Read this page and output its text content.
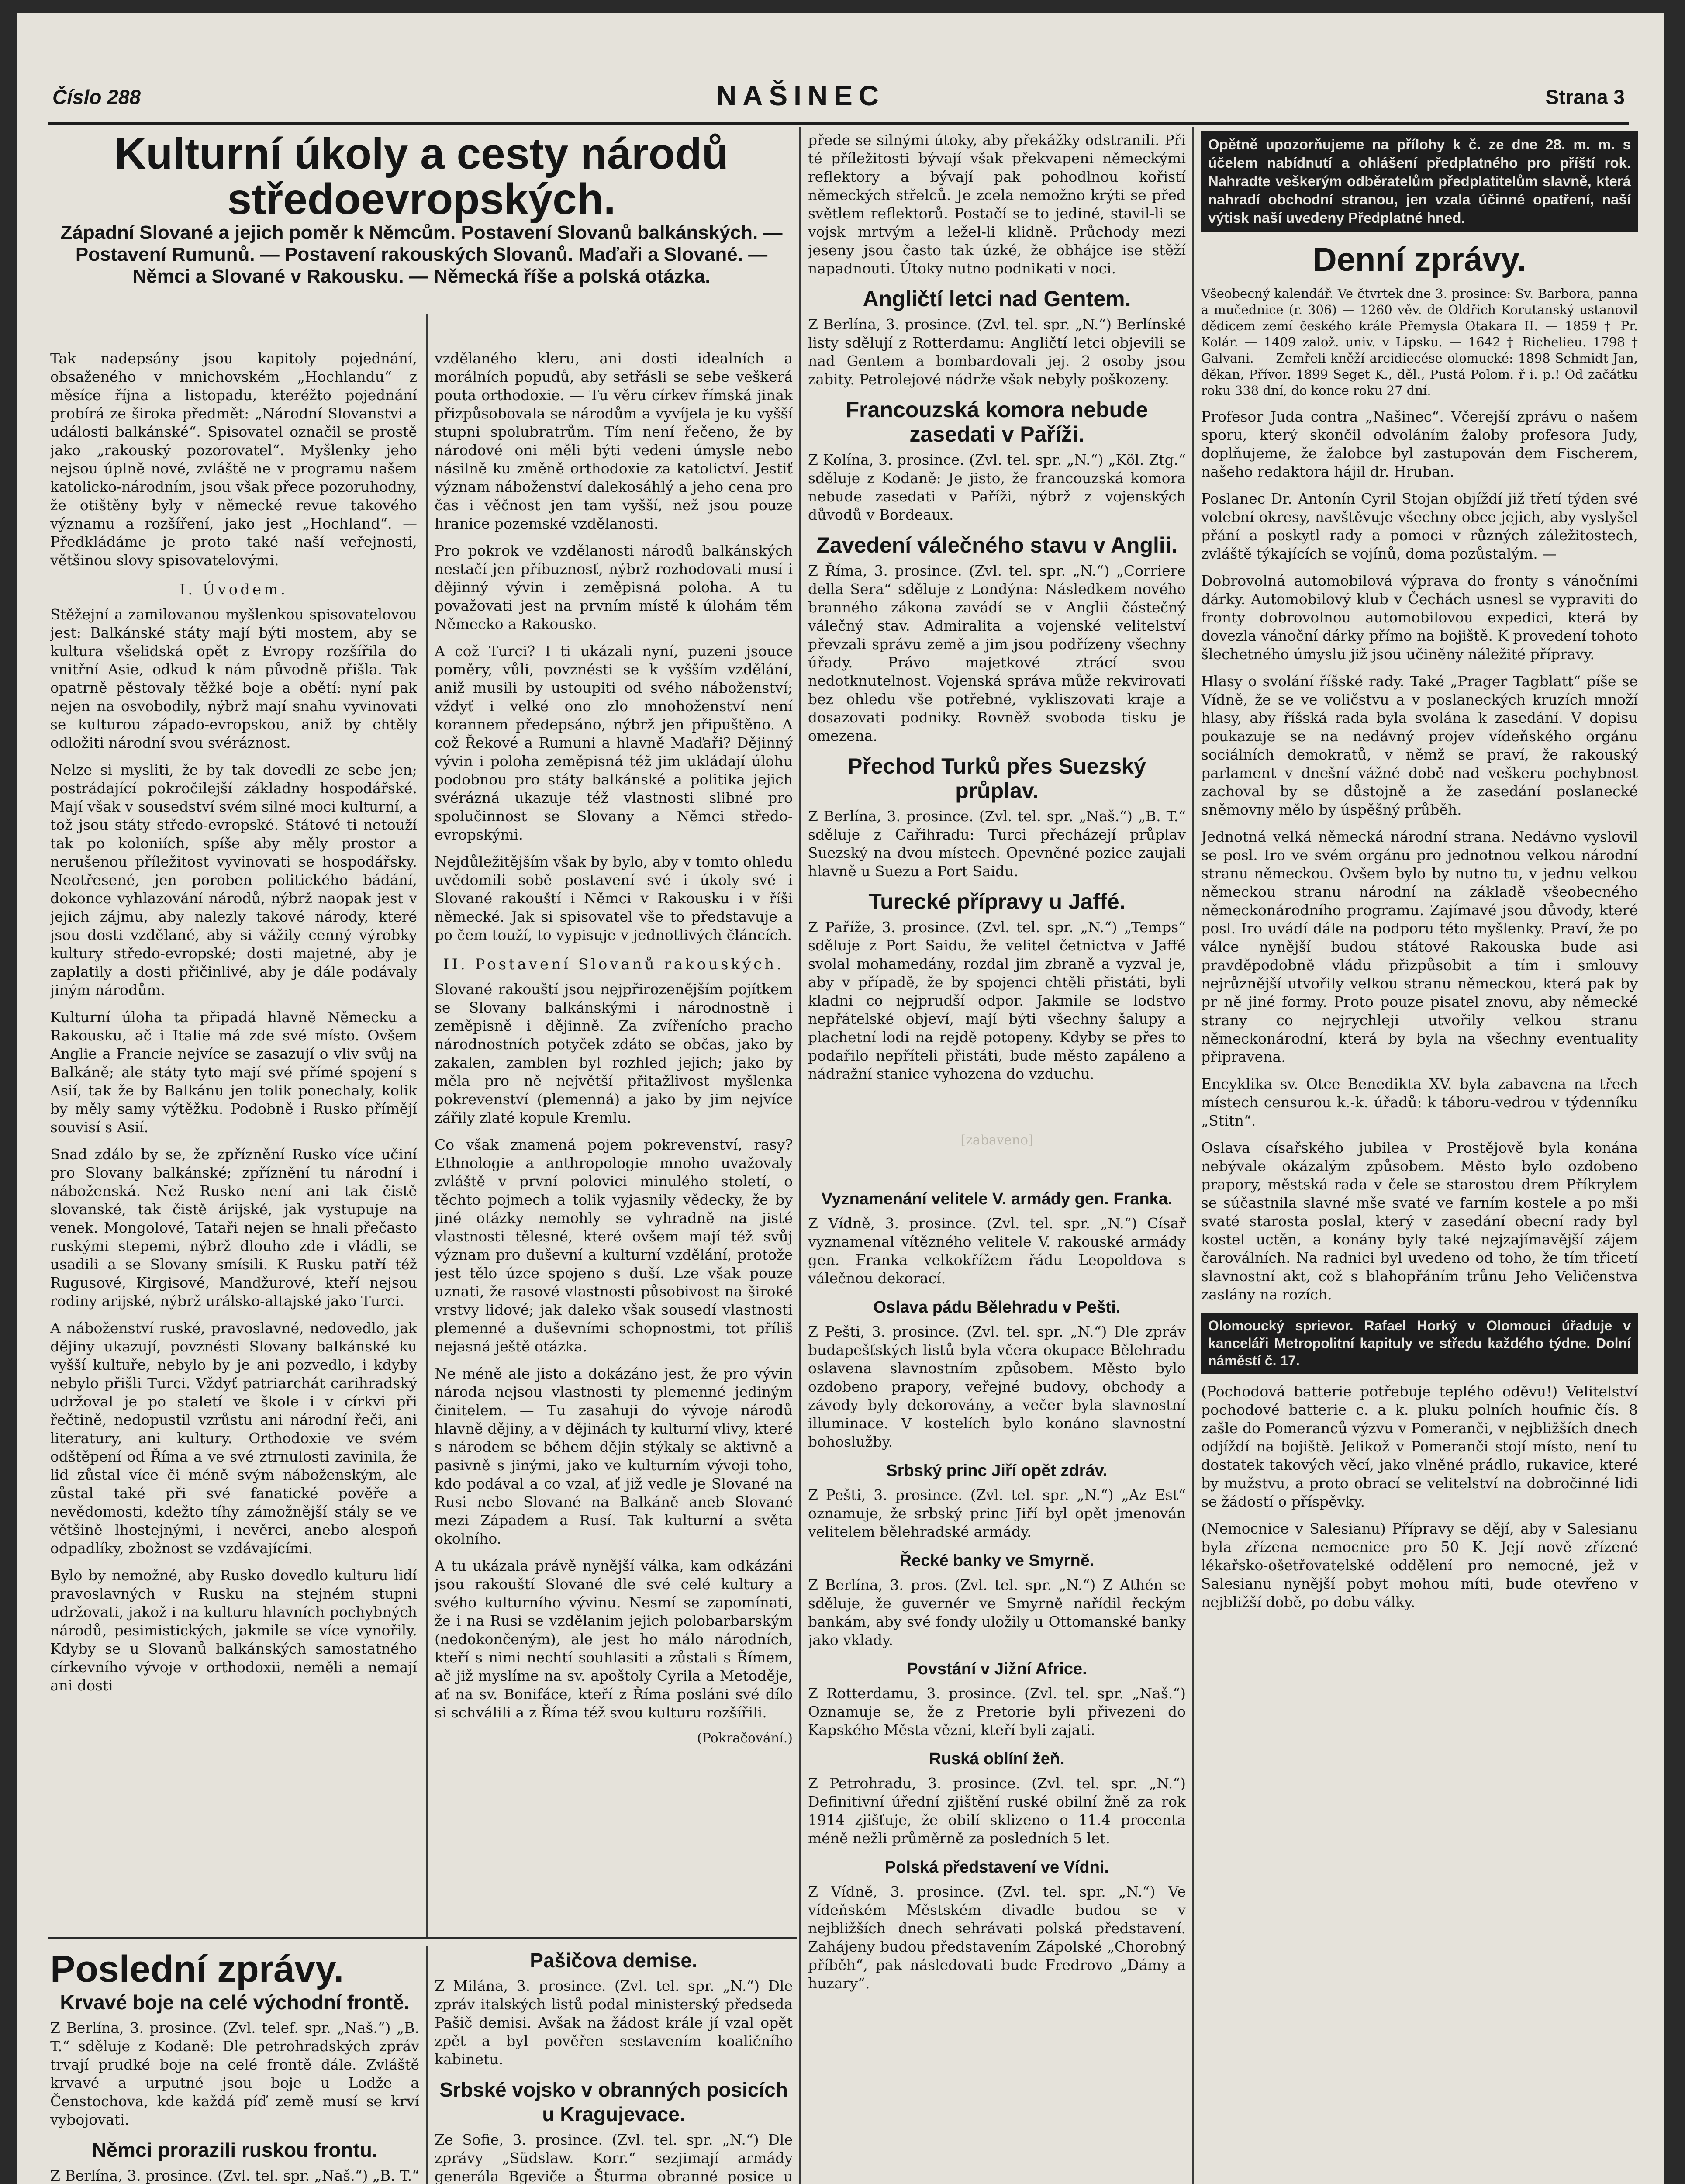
Číslo 288	NAŠINEC	Strana 3
Kulturní úkoly a cesty národů středoevropských.

Západní Slované a jejich poměr k Němcům. Postavení Slovanů balkánských. — Postavení Rumunů. — Postavení rakouských Slovanů. Maďaři a Slované. — Němci a Slované v Rakousku. — Německá říše a polská otázka.

Tak nadepsány jsou kapitoly pojednání, obsaženého v mnichovském „Hochlandu“ z měsíce října a listopadu, kteréžto pojednání probírá ze široka předmět: „Národní Slovanstvi a události balkánské“. Spisovatel označil se prostě jako „rakouský pozorovatel“. Myšlenky jeho nejsou úplně nové, zvláště ne v programu našem katolicko-národním, jsou však přece pozoruhodny, že otištěny byly v německé revue takového významu a rozšíření, jako jest „Hochland“. — Předkládáme je proto také naší veřejnosti, většinou slovy spisovatelovými.

I. Úvodem.

Stěžejní a zamilovanou myšlenkou spisovatelovou jest: Balkánské státy mají býti mostem, aby se kultura všelidská opět z Evropy rozšířila do vnitřní Asie, odkud k nám původně přišla. Tak opatrně pěstovaly těžké boje a obětí: nyní pak nejen na osvobodily, nýbrž mají snahu vyvinovati se kulturou západo-evropskou, aniž by chtěly odložiti národní svou svéráznost.

Nelze si mysliti, že by tak dovedli ze sebe jen; postrádající pokročilejší základny hospodářské. Mají však v sousedství svém silné moci kulturní, a tož jsou státy středo-evropské. Státové ti netouží tak po koloniích, spíše aby měly prostor a nerušenou příležitost vyvinovati se hospodářsky. Neotřesené, jen poroben politického bádání, dokonce vyhlazování národů, nýbrž naopak jest v jejich zájmu, aby nalezly takové národy, které jsou dosti vzdělané, aby si vážily cenný výrobky kultury středo-evropské; dosti majetné, aby je zaplatily a dosti přičinlivé, aby je dále podávaly jiným národům.

Kulturní úloha ta připadá hlavně Německu a Rakousku, ač i Italie má zde své místo. Ovšem Anglie a Francie nejvíce se zasazují o vliv svůj na Balkáně; ale státy tyto mají své přímé spojení s Asií, tak že by Balkánu jen tolik ponechaly, kolik by měly samy výtěžku. Podobně i Rusko přímějí souvisí s Asií.

Snad zdálo by se, že zpříznění Rusko více učiní pro Slovany balkánské; zpříznění tu národní i náboženská. Než Rusko není ani tak čistě slovanské, tak čistě árijské, jak vystupuje na venek. Mongolové, Tataři nejen se hnali přečasto ruskými stepemi, nýbrž dlouho zde i vládli, se usadili a se Slovany smísili. K Rusku patří též Rugusové, Kirgisové, Mandžurové, kteří nejsou rodiny arijské, nýbrž urálsko-altajské jako Turci.

A náboženství ruské, pravoslavné, nedovedlo, jak dějiny ukazují, povznésti Slovany balkánské ku vyšší kultuře, nebylo by je ani pozvedlo, i kdyby nebylo přišli Turci. Vždyť patriarchát carihradský udržoval je po staletí ve škole i v církvi při řečtině, nedopustil vzrůstu ani národní řeči, ani literatury, ani kultury. Orthodoxie ve svém odštěpení od Říma a ve své ztrnulosti zavinila, že lid zůstal více či méně svým náboženským, ale zůstal také při své fanatické pověře a nevědomosti, kdežto tíhy zámožnější stály se ve většině lhostejnými, i nevěrci, anebo alespoň odpadlíky, zbožnost se vzdávajícími.

Bylo by nemožné, aby Rusko dovedlo kulturu lidí pravoslavných v Rusku na stejném stupni udržovati, jakož i na kulturu hlavních pochybných národů, pesimistických, jakmile se více vynořily. Kdyby se u Slovanů balkánských samostatného církevního vývoje v orthodoxii, neměli a nemají ani dosti

vzdělaného kleru, ani dosti idealních a morálních popudů, aby setřásli se sebe veškerá pouta orthodoxie. — Tu věru církev římská jinak přizpůsobovala se národům a vyvíjela je ku vyšší stupni spolubratrům. Tím není řečeno, že by národové oni měli býti vedeni úmysle nebo násilně ku změně orthodoxie za katolictví. Jestiť význam náboženství dalekosáhlý a jeho cena pro čas i věčnost jen tam vyšší, než jsou pouze hranice pozemské vzdělanosti.

Pro pokrok ve vzdělanosti národů balkánských nestačí jen příbuznosť, nýbrž rozhodovati musí i dějinný vývin i zeměpisná poloha. A tu považovati jest na prvním místě k úlohám těm Německo a Rakousko.

A což Turci? I ti ukázali nyní, puzeni jsouce poměry, vůli, povznésti se k vyšším vzdělání, aniž musili by ustoupiti od svého náboženství; vždyť i velké ono zlo mnohoženství není korannem předepsáno, nýbrž jen připuštěno. A což Řekové a Rumuni a hlavně Maďaři? Dějinný vývin i poloha zeměpisná též jim ukládají úlohu podobnou pro státy balkánské a politika jejich svérázná ukazuje též vlastnosti slibné pro spolučinnost se Slovany a Němci středo-evropskými.

Nejdůležitějším však by bylo, aby v tomto ohledu uvědomili sobě postavení své i úkoly své i Slované rakouští i Němci v Rakousku i v říši německé. Jak si spisovatel vše to představuje a po čem touží, to vypisuje v jednotlivých článcích.

II. Postavení Slovanů rakouských.

Slované rakouští jsou nejpřirozenějším pojítkem se Slovany balkánskými i národnostně i zeměpisně i dějinně. Za zvířenícho pracho národnostních potyček zdáto se občas, jako by zakalen, zamblen byl rozhled jejich; jako by měla pro ně největší přitažlivost myšlenka pokrevenství (plemenná) a jako by jim nejvíce zářily zlaté kopule Kremlu.

Co však znamená pojem pokrevenství, rasy? Ethnologie a anthropologie mnoho uvažovaly zvláště v první polovici minulého století, o těchto pojmech a tolik vyjasnily vědecky, že by jiné otázky nemohly se vyhradně na jisté vlastnosti tělesné, které ovšem mají též svůj význam pro duševní a kulturní vzdělání, protože jest tělo úzce spojeno s duší. Lze však pouze uznati, že rasové vlastnosti působivost na široké vrstvy lidové; jak daleko však sousedí vlastnosti plemenné a duševními schopnostmi, tot příliš nejasná ještě otázka.

Ne méně ale jisto a dokázáno jest, že pro vývin národa nejsou vlastnosti ty plemenné jediným činitelem. — Tu zasahuji do vývoje národů hlavně dějiny, a v dějinách ty kulturní vlivy, které s národem se během dějin stýkaly se aktivně a pasivně s jinými, jako ve kulturním vývoji toho, kdo podával a co vzal, ať již vedle je Slované na Rusi nebo Slované na Balkáně aneb Slované mezi Západem a Rusí. Tak kulturní a světa okolního.

A tu ukázala právě nynější válka, kam odkázáni jsou rakouští Slované dle své celé kultury a svého kulturního vývinu. Nesmí se zapomínati, že i na Rusi se vzdělanim jejich polobarbarským (nedokončeným), ale jest ho málo národních, kteří s nimi nechtí souhlasiti a zůstali s Římem, ač již myslíme na sv. apoštoly Cyrila a Metoděje, ať na sv. Bonifáce, kteří z Říma posláni své dílo si schválili a z Říma též svou kulturu rozšířili.

(Pokračování.)

přede se silnými útoky, aby překážky odstranili. Při té příležitosti bývají však překvapeni německými reflektory a bývají pak pohodlnou kořistí německých střelců. Je zcela nemožno krýti se před světlem reflektorů. Postačí se to jediné, stavil-li se vojsk mrtvým a ležel-li klidně. Průchody mezi jeseny jsou často tak úzké, že obhájce ise stěží napadnouti. Útoky nutno podnikati v noci.

Angličtí letci nad Gentem.

Z Berlína, 3. prosince. (Zvl. tel. spr. „N.“) Berlínské listy sdělují z Rotterdamu: Angličtí letci objevili se nad Gentem a bombardovali jej. 2 osoby jsou zabity. Petrolejové nádrže však nebyly poškozeny.

Francouzská komora nebude zasedati v Paříži.

Z Kolína, 3. prosince. (Zvl. tel. spr. „N.“) „Köl. Ztg.“ sděluje z Kodaně: Je jisto, že francouzská komora nebude zasedati v Paříži, nýbrž z vojenských důvodů v Bordeaux.

Zavedení válečného stavu v Anglii.

Z Říma, 3. prosince. (Zvl. tel. spr. „N.“) „Corriere della Sera“ sděluje z Londýna: Následkem nového branného zákona zavádí se v Anglii částečný válečný stav. Admiralita a vojenské velitelství převzali správu země a jim jsou podřízeny všechny úřady. Právo majetkové ztrácí svou nedotknutelnost. Vojenská správa může rekvirovati bez ohledu vše potřebné, vykliszovati kraje a dosazovati podniky. Rovněž svoboda tisku je omezena.

Přechod Turků přes Suezský průplav.

Z Berlína, 3. prosince. (Zvl. tel. spr. „Naš.“) „B. T.“ sděluje z Cařihradu: Turci přecházejí průplav Suezský na dvou místech. Opevněné pozice zaujali hlavně u Suezu a Port Saidu.

Turecké přípravy u Jaffé.

Z Paříže, 3. prosince. (Zvl. tel. spr. „N.“) „Temps“ sděluje z Port Saidu, že velitel četnictva v Jaffé svolal mohamedány, rozdal jim zbraně a vyzval je, aby v případě, že by spojenci chtěli přistáti, byli kladni co nejprudší odpor. Jakmile se lodstvo nepřátelské objeví, mají býti všechny šalupy a plachetní lodi na rejdě potopeny. Kdyby se přes to podařilo nepříteli přistáti, bude město zapáleno a nádražní stanice vyhozena do vzduchu.

[zabaveno]
Vyznamenání velitele V. armády gen. Franka.

Z Vídně, 3. prosince. (Zvl. tel. spr. „N.“) Císař vyznamenal vítězného velitele V. rakouské armády gen. Franka velkokřížem řádu Leopoldova s válečnou dekorací.

Oslava pádu Bělehradu v Pešti.

Z Pešti, 3. prosince. (Zvl. tel. spr. „N.“) Dle zpráv budapešťských listů byla včera okupace Bělehradu oslavena slavnostním způsobem. Město bylo ozdobeno prapory, veřejné budovy, obchody a závody byly dekorovány, a večer byla slavnostní illuminace. V kostelích bylo konáno slavnostní bohoslužby.

Srbský princ Jiří opět zdráv.

Z Pešti, 3. prosince. (Zvl. tel. spr. „N.“) „Az Est“ oznamuje, že srbský princ Jiří byl opět jmenován velitelem bělehradské armády.

Řecké banky ve Smyrně.

Z Berlína, 3. pros. (Zvl. tel. spr. „N.“) Z Athén se sděluje, že guvernér ve Smyrně nařídil řeckým bankám, aby své fondy uložily u Ottomanské banky jako vklady.

Povstání v Jižní Africe.

Z Rotterdamu, 3. prosince. (Zvl. tel. spr. „Naš.“) Oznamuje se, že z Pretorie byli přivezeni do Kapského Města vězni, kteří byli zajati.

Ruská oblíní žeň.

Z Petrohradu, 3. prosince. (Zvl. tel. spr. „N.“) Definitivní úřední zjištění ruské obilní žně za rok 1914 zjišťuje, že obilí sklizeno o 11.4 procenta méně nežli průměrně za posledních 5 let.

Polská představení ve Vídni.

Z Vídně, 3. prosince. (Zvl. tel. spr. „N.“) Ve vídeňském Městském divadle budou se v nejbližších dnech sehrávati polská představení. Zahájeny budou představením Zápolské „Chorobný příběh“, pak následovati bude Fredrovo „Dámy a huzary“.

Opětně upozorňujeme na přílohy k č. ze dne 28. m. m. s účelem nabídnutí a ohlášení předplatného pro příští rok. Nahradte veškerým odběratelům předplatitelům slavně, která nahradí obchodní stranou, jen vzala účinné opatření, naší výtisk naší uvedeny Předplatné hned.

Denní zprávy.

Všeobecný kalendář. Ve čtvrtek dne 3. prosince: Sv. Barbora, panna a mučednice (r. 306) — 1260 věv. de Oldřich Korutanský ustanovil dědicem zemí českého krále Přemysla Otakara II. — 1859 † Pr. Kolár. — 1409 založ. univ. v Lipsku. — 1642 † Richelieu. 1798 † Galvani. — Zemřeli kněží arcidiecése olomucké: 1898 Schmidt Jan, děkan, Přívor. 1899 Seget K., děl., Pustá Polom. ř i. p.! Od začátku roku 338 dní, do konce roku 27 dní.

Profesor Juda contra „Našinec“. Včerejší zprávu o našem sporu, který skončil odvoláním žaloby profesora Judy, doplňujeme, že žalobce byl zastupován dem Fischerem, našeho redaktora hájil dr. Hruban.

Poslanec Dr. Antonín Cyril Stojan objíždí již třetí týden své volební okresy, navštěvuje všechny obce jejich, aby vyslyšel přání a poskytl rady a pomoci v různých záležitostech, zvláště týkajících se vojínů, doma pozůstalým. —

Dobrovolná automobilová výprava do fronty s vánočními dárky. Automobilový klub v Čechách usnesl se vypraviti do fronty dobrovolnou automobilovou expedici, která by dovezla vánoční dárky přímo na bojiště. K provedení tohoto šlechetného úmyslu již jsou učiněny náležité přípravy.

Hlasy o svolání říšské rady. Také „Prager Tagblatt“ píše se Vídně, že se ve voličstvu a v poslaneckých kruzích množí hlasy, aby říšská rada byla svolána k zasedání. V dopisu poukazuje se na nedávný projev vídeňského orgánu sociálních demokratů, v němž se praví, že rakouský parlament v dnešní vážné době nad veškeru pochybnost zachoval by se důstojně a že zasedání poslanecké sněmovny mělo by úspěšný průběh.

Jednotná velká německá národní strana. Nedávno vyslovil se posl. Iro ve svém orgánu pro jednotnou velkou národní stranu německou. Ovšem bylo by nutno tu, v jednu velkou německou stranu národní na základě všeobecného německonárodního programu. Zajímavé jsou důvody, které posl. Iro uvádí dále na podporu této myšlenky. Praví, že po válce nynější budou státové Rakouska bude asi pravděpodobně vládu přizpůsobit a tím i smlouvy nejrůznější utvořily velkou stranu německou, která pak by pr ně jiné formy. Proto pouze pisatel znovu, aby německé strany co nejrychleji utvořily velkou stranu německonárodní, která by byla na všechny eventuality připravena.

Encyklika sv. Otce Benedikta XV. byla zabavena na třech místech censurou k.-k. úřadů: k táboru-vedrou v týdenníku „Stitn“.

Oslava císařského jubilea v Prostějově byla konána nebývale okázalým způsobem. Město bylo ozdobeno prapory, městská rada v čele se starostou drem Příkrylem se súčastnila slavné mše svaté ve farním kostele a po mši svaté starosta poslal, který v zasedání obecní rady byl kostel uctěn, a konány byly také nejzajímavější zájem čaroválních. Na radnici byl uvedeno od toho, že tím třicetí slavnostní akt, což s blahopřáním trůnu Jeho Veličenstva zaslány na rozích.

Olomoucký sprievor. Rafael Horký v Olomouci úřaduje v kanceláři Metropolitní kapituly ve středu každého týdne. Dolní náměstí č. 17.

(Pochodová batterie potřebuje teplého oděvu!) Velitelství pochodové batterie c. a k. pluku polních houfnic čís. 8 zašle do Pomeranců výzvu v Pomeranči, v nejbližších dnech odjíždí na bojiště. Jelikož v Pomeranči stojí místo, není tu dostatek takových věcí, jako vlněné prádlo, rukavice, které by mužstvu, a proto obrací se velitelství na dobročinné lidi se žádostí o příspěvky.

(Nemocnice v Salesianu) Přípravy se dějí, aby v Salesianu byla zřízena nemocnice pro 50 K. Její nově zřízené lékařsko-ošetřovatelské oddělení pro nemocné, jež v Salesianu nynější pobyt mohou míti, bude otevřeno v nejbližší době, po dobu války.

Poslední zprávy.
Krvavé boje na celé východní frontě.

Z Berlína, 3. prosince. (Zvl. telef. spr. „Naš.“) „B. T.“ sděluje z Kodaně: Dle petrohradských zpráv trvají prudké boje na celé frontě dále. Zvláště krvavé a urputné jsou boje u Lodže a Čenstochova, kde každá píď země musí se krví vybojovati.

Němci prorazili ruskou frontu.

Z Berlína, 3. prosince. (Zvl. tel. spr. „Naš.“) „B. T.“

Pašičova demise.

Z Milána, 3. prosince. (Zvl. tel. spr. „N.“) Dle zpráv italských listů podal ministerský předseda Pašič demisi. Avšak na žádost krále jí vzal opět zpět a byl pověřen sestavením koaličního kabinetu.

Srbské vojsko v obranných posicích u Kragujevace.

Ze Sofie, 3. prosince. (Zvl. tel. spr. „N.“) Dle zprávy „Südslaw. Korr.“ sezjimají armády generála Bgeviče a Šturma obranné posice u
